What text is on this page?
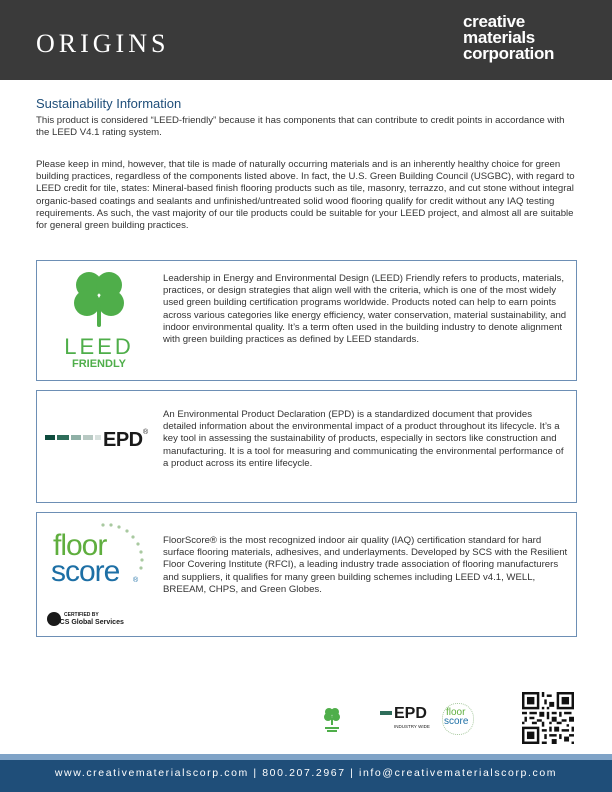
ORIGINS
creative
materials
corporation
Sustainability Information
This product is considered “LEED-friendly” because it has components that can contribute to credit points in accordance with the LEED V4.1 rating system.
Please keep in mind, however, that tile is made of naturally occurring materials and is an inherently healthy choice for green building practices, regardless of the components listed above. In fact, the U.S. Green Building Council (USGBC), with regard to LEED credit for tile, states: Mineral-based finish flooring products such as tile, masonry, terrazzo, and cut stone without integral organic-based coatings and sealants and unfinished/untreated solid wood flooring qualify for credit without any IAQ testing requirements. As such, the vast majority of our tile products could be suitable for your LEED project, and almost all are suitable for general green building practices.
LEED
FRIENDLY
Leadership in Energy and Environmental Design (LEED) Friendly refers to products, materials, practices, or design strategies that align well with the criteria, which is one of the most widely used green building certification programs worldwide. Products noted can help to earn points across various categories like energy efficiency, water conservation, material sustainability, and indoor environmental quality. It’s a term often used in the building industry to denote alignment with green building practices as defined by LEED standards.
EPD ®
An Environmental Product Declaration (EPD) is a standardized document that provides detailed information about the environmental impact of a product throughout its lifecycle. It’s a key tool in assessing the sustainability of products, especially in sectors like construction and manufacturing. It is a tool for measuring and communicating the environmental performance of a product across its entire lifecycle.
floor
score ®
CERTIFIED BY
SCS Global Services
FloorScore® is the most recognized indoor air quality (IAQ) certification standard for hard surface flooring materials, adhesives, and underlayments. Developed by SCS with the Resilient Floor Covering Institute (RFCI), a leading industry trade association of flooring manufacturers and suppliers, it qualifies for many green building schemes including LEED v4.1, WELL, BREEAM, CHPS, and Green Globes.
EPD
INDUSTRY WIDE
floor
score
www.creativematerialscorp.com | 800.207.2967 | info@creativematerialscorp.com
